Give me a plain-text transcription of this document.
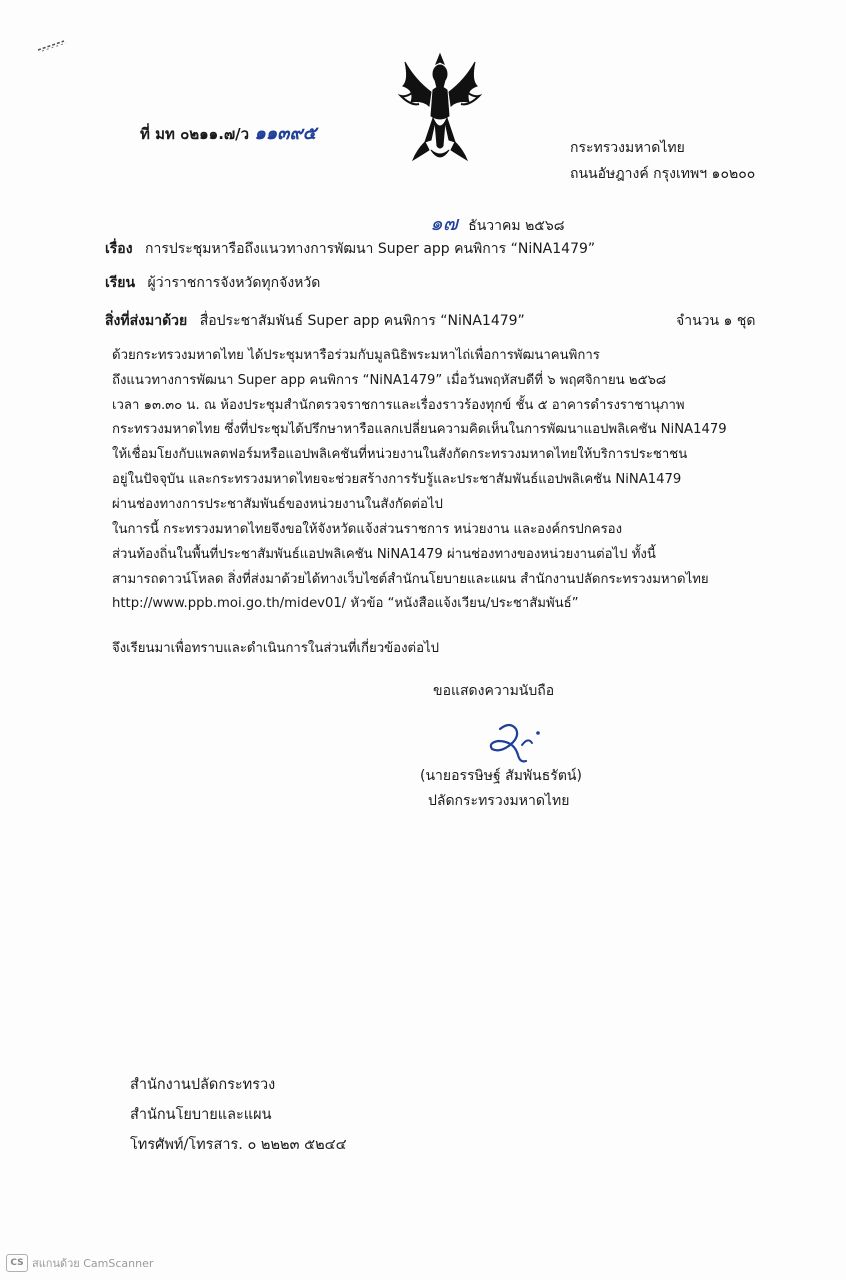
ที่ มท ๐๒๑๑.๗/ว ๑๑๓๙๕
กระทรวงมหาดไทย
ถนนอัษฎางค์ กรุงเทพฯ ๑๐๒๐๐
๑๗ ธันวาคม ๒๕๖๘
เรื่อง การประชุมหารือถึงแนวทางการพัฒนา Super app คนพิการ “NiNA1479”
เรียน ผู้ว่าราชการจังหวัดทุกจังหวัด
สิ่งที่ส่งมาด้วย สื่อประชาสัมพันธ์ Super app คนพิการ “NiNA1479”	จำนวน ๑ ชุด
ด้วยกระทรวงมหาดไทย ได้ประชุมหารือร่วมกับมูลนิธิพระมหาไถ่เพื่อการพัฒนาคนพิการ
ถึงแนวทางการพัฒนา Super app คนพิการ “NiNA1479” เมื่อวันพฤหัสบดีที่ ๖ พฤศจิกายน ๒๕๖๘
เวลา ๑๓.๓๐ น. ณ ห้องประชุมสำนักตรวจราชการและเรื่องราวร้องทุกข์ ชั้น ๕ อาคารดำรงราชานุภาพ
กระทรวงมหาดไทย ซึ่งที่ประชุมได้ปรึกษาหารือแลกเปลี่ยนความคิดเห็นในการพัฒนาแอปพลิเคชัน NiNA1479
ให้เชื่อมโยงกับแพลตฟอร์มหรือแอปพลิเคชันที่หน่วยงานในสังกัดกระทรวงมหาดไทยให้บริการประชาชน
อยู่ในปัจจุบัน และกระทรวงมหาดไทยจะช่วยสร้างการรับรู้และประชาสัมพันธ์แอปพลิเคชัน NiNA1479
ผ่านช่องทางการประชาสัมพันธ์ของหน่วยงานในสังกัดต่อไป
ในการนี้ กระทรวงมหาดไทยจึงขอให้จังหวัดแจ้งส่วนราชการ หน่วยงาน และองค์กรปกครอง
ส่วนท้องถิ่นในพื้นที่ประชาสัมพันธ์แอปพลิเคชัน NiNA1479 ผ่านช่องทางของหน่วยงานต่อไป ทั้งนี้
สามารถดาวน์โหลด สิ่งที่ส่งมาด้วยได้ทางเว็บไซต์สำนักนโยบายและแผน สำนักงานปลัดกระทรวงมหาดไทย
http://www.ppb.moi.go.th/midev01/ หัวข้อ “หนังสือแจ้งเวียน/ประชาสัมพันธ์”
จึงเรียนมาเพื่อทราบและดำเนินการในส่วนที่เกี่ยวข้องต่อไป
ขอแสดงความนับถือ
(นายอรรษิษฐ์ สัมพันธรัตน์)
ปลัดกระทรวงมหาดไทย
สำนักงานปลัดกระทรวง
สำนักนโยบายและแผน
โทรศัพท์/โทรสาร. ๐ ๒๒๒๓ ๕๒๔๔
CS สแกนด้วย CamScanner
